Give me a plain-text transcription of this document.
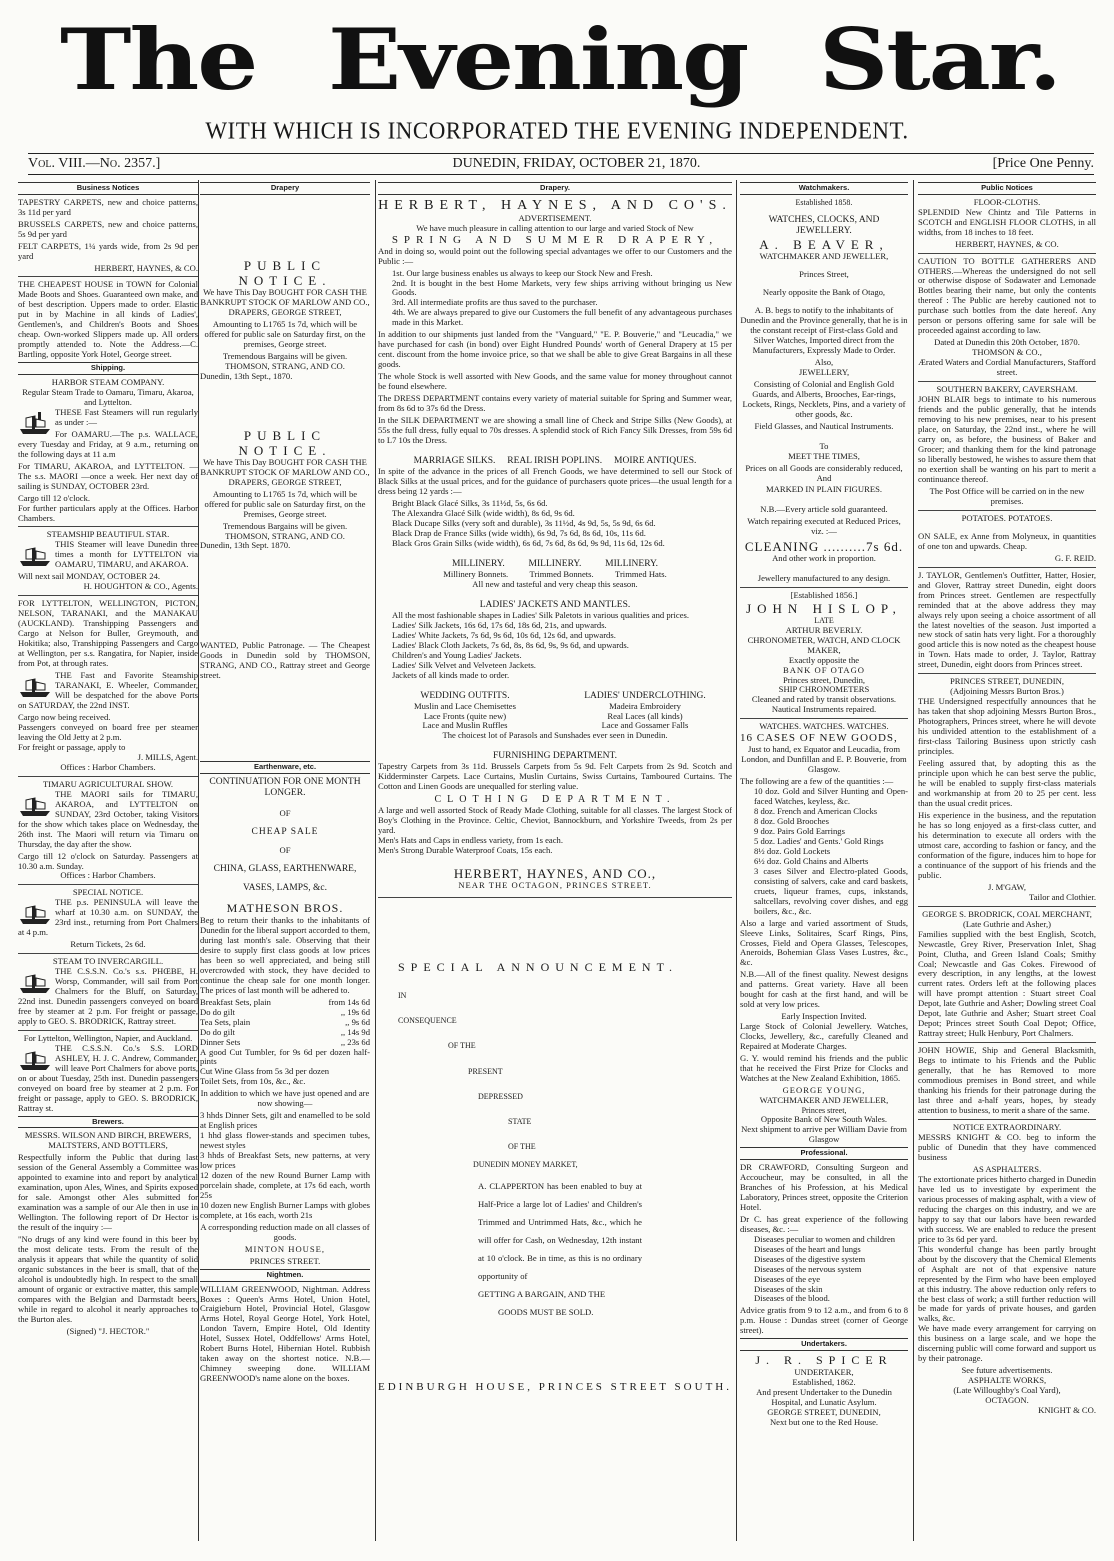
The Evening Star.
WITH WHICH IS INCORPORATED THE EVENING INDEPENDENT.
Vol. VIII.—No. 2357.]	DUNEDIN, FRIDAY, OCTOBER 21, 1870.	[Price One Penny.
Business Notices

TAPESTRY CARPETS, new and choice patterns, 3s 11d per yard

BRUSSELS CARPETS, new and choice patterns, 5s 9d per yard

FELT CARPETS, 1¼ yards wide, from 2s 9d per yard

HERBERT, HAYNES, & CO.

THE CHEAPEST HOUSE in TOWN for Colonial Made Boots and Shoes. Guaranteed own make, and of best description. Uppers made to order. Elastic put in by Machine in all kinds of Ladies', Gentlemen's, and Children's Boots and Shoes cheap. Own-worked Slippers made up. All orders promptly attended to. Note the Address.—C. Bartling, opposite York Hotel, George street.

Shipping.

HARBOR STEAM COMPANY.

Regular Steam Trade to Oamaru, Timaru, Akaroa, and Lyttelton.

THESE Fast Steamers will run regularly as under :—

For OAMARU.—The p.s. WALLACE, every Tuesday and Friday, at 9 a.m., returning on the following days at 11 a.m

For TIMARU, AKAROA, and LYTTELTON. —The s.s. MAORI —once a week. Her next day of sailing is SUNDAY, OCTOBER 23rd.

Cargo till 12 o'clock.

For further particulars apply at the Offices. Harbor Chambers.

STEAMSHIP BEAUTIFUL STAR.

THIS Steamer will leave Dunedin three times a month for LYTTELTON via OAMARU, TIMARU, and AKAROA.

Will next sail MONDAY, OCTOBER 24.

H. HOUGHTON & CO., Agents.

FOR LYTTELTON, WELLINGTON, PICTON, NELSON, TARANAKI, and the MANAKAU (AUCKLAND). Transhipping Passengers and Cargo at Nelson for Buller, Greymouth, and Hokitika; also, Transhipping Passengers and Cargo at Wellington, per s.s. Rangatira, for Napier, inside from Pot, at through rates.

THE Fast and Favorite Steamship TARANAKI, E. Wheeler, Commander, Will be despatched for the above Ports on SATURDAY, the 22nd INST.

Cargo now being received.

Passengers conveyed on board free per steamer leaving the Old Jetty at 2 p.m.

For freight or passage, apply to

J. MILLS, Agent.

Offices : Harbor Chambers.

TIMARU AGRICULTURAL SHOW.

THE MAORI sails for TIMARU, AKAROA, and LYTTELTON on SUNDAY, 23rd October, taking Visitors for the show which takes place on Wednesday, the 26th inst. The Maori will return via Timaru on Thursday, the day after the show.

Cargo till 12 o'clock on Saturday. Passengers at 10.30 a.m. Sunday.

Offices : Harbor Chambers.

SPECIAL NOTICE.

THE p.s. PENINSULA will leave the wharf at 10.30 a.m. on SUNDAY, the 23rd inst., returning from Port Chalmers at 4 p.m.

Return Tickets, 2s 6d.

STEAM TO INVERCARGILL.

THE C.S.S.N. Co.'s s.s. PHŒBE, H. Worsp, Commander, will sail from Port Chalmers for the Bluff, on Saturday, 22nd inst. Dunedin passengers conveyed on board free by steamer at 2 p.m. For freight or passage, apply to GEO. S. BRODRICK, Rattray street.

For Lyttelton, Wellington, Napier, and Auckland.

THE C.S.S.N. Co.'s S.S. LORD ASHLEY, H. J. C. Andrew, Commander, will leave Port Chalmers for above ports, on or about Tuesday, 25th inst. Dunedin passengers conveyed on board free by steamer at 2 p.m. For freight or passage, apply to GEO. S. BRODRICK, Rattray st.

Brewers.

MESSRS. WILSON AND BIRCH, BREWERS, MALTSTERS, AND BOTTLERS,

Respectfully inform the Public that during last session of the General Assembly a Committee was appointed to examine into and report by analytical examination, upon Ales, Wines, and Spirits exposed for sale. Amongst other Ales submitted for examination was a sample of our Ale then in use in Wellington. The following report of Dr Hector is the result of the inquiry :—

"No drugs of any kind were found in this beer by the most delicate tests. From the result of the analysis it appears that while the quantity of solid organic substances in the beer is small, that of the alcohol is undoubtedly high. In respect to the small amount of organic or extractive matter, this sample compares with the Belgian and Darmstadt beers, while in regard to alcohol it nearly approaches to the Burton ales.

(Signed) "J. HECTOR."

Drapery

PUBLIC NOTICE.

We have This Day BOUGHT FOR CASH THE BANKRUPT STOCK OF MARLOW AND CO., DRAPERS, GEORGE STREET,

Amounting to L1765 1s 7d, which will be offered for public sale on Saturday first, on the premises, George street.

Tremendous Bargains will be given.

THOMSON, STRANG, AND CO.

Dunedin, 13th Sept., 1870.

PUBLIC NOTICE.

We have This Day BOUGHT FOR CASH THE BANKRUPT STOCK OF MARLOW AND CO., DRAPERS, GEORGE STREET,

Amounting to L1765 1s 7d, which will be offered for public sale on Saturday first, on the Premises, George street.

Tremendous Bargains will be given.

THOMSON, STRANG, AND CO.

Dunedin, 13th Sept. 1870.

WANTED, Public Patronage. — The Cheapest Goods in Dunedin sold by THOMSON, STRANG, AND CO., Rattray street and George street.

Earthenware, etc.

CONTINUATION FOR ONE MONTH LONGER.

OF

CHEAP SALE

OF

CHINA, GLASS, EARTHENWARE,

VASES, LAMPS, &c.

MATHESON BROS.

Beg to return their thanks to the inhabitants of Dunedin for the liberal support accorded to them, during last month's sale. Observing that their desire to supply first class goods at low prices has been so well appreciated, and being still overcrowded with stock, they have decided to continue the cheap sale for one month longer. The prices of last month will be adhered to.

Breakfast Sets, plain	from 14s 6d
Do do gilt	,, 19s 6d
Tea Sets, plain	,, 9s 6d
Do do gilt	,, 14s 9d
Dinner Sets	,, 23s 6d

A good Cut Tumbler, for 9s 6d per dozen half-pints

Cut Wine Glass from 5s 3d per dozen

Toilet Sets, from 10s, &c., &c.

In addition to which we have just opened and are now showing—

3 hhds Dinner Sets, gilt and enamelled to be sold at English prices
1 hhd glass flower-stands and specimen tubes, newest styles
3 hhds of Breakfast Sets, new patterns, at very low prices
12 dozen of the new Round Burner Lamp with porcelain shade, complete, at 17s 6d each, worth 25s
10 dozen new English Burner Lamps with globes complete, at 16s each, worth 21s

A corresponding reduction made on all classes of goods.

MINTON HOUSE,

PRINCES STREET.

Nightmen.

WILLIAM GREENWOOD, Nightman. Address Boxes : Queen's Arms Hotel, Union Hotel, Craigieburn Hotel, Provincial Hotel, Glasgow Arms Hotel, Royal George Hotel, York Hotel, London Tavern, Empire Hotel, Old Identity Hotel, Sussex Hotel, Oddfellows' Arms Hotel, Robert Burns Hotel, Hibernian Hotel. Rubbish taken away on the shortest notice. N.B.—Chimney sweeping done. WILLIAM GREENWOOD's name alone on the boxes.

Drapery.

HERBERT, HAYNES, AND CO'S.

ADVERTISEMENT.

We have much pleasure in calling attention to our large and varied Stock of New

SPRING AND SUMMER DRAPERY,

And in doing so, would point out the following special advantages we offer to our Customers and the Public :—

1st. Our large business enables us always to keep our Stock New and Fresh.
2nd. It is bought in the best Home Markets, very few ships arriving without bringing us New Goods.
3rd. All intermediate profits are thus saved to the purchaser.
4th. We are always prepared to give our Customers the full benefit of any advantageous purchases made in this Market.

In addition to our shipments just landed from the "Vanguard," "E. P. Bouverie," and "Leucadia," we have purchased for cash (in bond) over Eight Hundred Pounds' worth of General Drapery at 15 per cent. discount from the home invoice price, so that we shall be able to give Great Bargains in all these goods.

The whole Stock is well assorted with New Goods, and the same value for money throughout cannot be found elsewhere.

The DRESS DEPARTMENT contains every variety of material suitable for Spring and Summer wear, from 8s 6d to 37s 6d the Dress.

In the SILK DEPARTMENT we are showing a small line of Check and Stripe Silks (New Goods), at 55s the full dress, fully equal to 70s dresses. A splendid stock of Rich Fancy Silk Dresses, from 59s 6d to L7 10s the Dress.

MARRIAGE SILKS.     REAL IRISH POPLINS.     MOIRE ANTIQUES.

In spite of the advance in the prices of all French Goods, we have determined to sell our Stock of Black Silks at the usual prices, and for the guidance of purchasers quote prices—the usual length for a dress being 12 yards :—

Bright Black Glacé Silks, 3s 11½d, 5s, 6s 6d.
The Alexandra Glacé Silk (wide width), 8s 6d, 9s 6d.
Black Ducape Silks (very soft and durable), 3s 11½d, 4s 9d, 5s, 5s 9d, 6s 6d.
Black Drap de France Silks (wide width), 6s 9d, 7s 6d, 8s 6d, 10s, 11s 6d.
Black Gros Grain Silks (wide width), 6s 6d, 7s 6d, 8s 6d, 9s 9d, 11s 6d, 12s 6d.

MILLINERY.          MILLINERY.          MILLINERY.

Millinery Bonnets.          Trimmed Bonnets.          Trimmed Hats.

All new and tasteful and very cheap this season.

LADIES' JACKETS AND MANTLES.

All the most fashionable shapes in Ladies' Silk Paletots in various qualities and prices.
Ladies' Silk Jackets, 16s 6d, 17s 6d, 18s 6d, 21s, and upwards.
Ladies' White Jackets, 7s 6d, 9s 6d, 10s 6d, 12s 6d, and upwards.
Ladies' Black Cloth Jackets, 7s 6d, 8s, 8s 6d, 9s, 9s 6d, and upwards.
Children's and Young Ladies' Jackets.
Ladies' Silk Velvet and Velveteen Jackets.
Jackets of all kinds made to order.

WEDDING OUTFITS.

Muslin and Lace Chemisettes
Lace Fronts (quite new)
Lace and Muslin Ruffles

LADIES' UNDERCLOTHING.

Madeira Embroidery
Real Laces (all kinds)
Lace and Gossamer Falls

The choicest lot of Parasols and Sunshades ever seen in Dunedin.

FURNISHING DEPARTMENT.

Tapestry Carpets from 3s 11d. Brussels Carpets from 5s 9d. Felt Carpets from 2s 9d. Scotch and Kidderminster Carpets. Lace Curtains, Muslin Curtains, Swiss Curtains, Tamboured Curtains. The Cotton and Linen Goods are unequalled for sterling value.

CLOTHING DEPARTMENT.

A large and well assorted Stock of Ready Made Clothing, suitable for all classes. The largest Stock of Boy's Clothing in the Province. Celtic, Cheviot, Bannockburn, and Yorkshire Tweeds, from 2s per yard.
Men's Hats and Caps in endless variety, from 1s each.
Men's Strong Durable Waterproof Coats, 15s each.

HERBERT, HAYNES, AND CO.,

NEAR THE OCTAGON, PRINCES STREET.

SPECIAL ANNOUNCEMENT.

IN

CONSEQUENCE

OF THE

PRESENT

DEPRESSED

STATE

OF THE

DUNEDIN MONEY MARKET,

A. CLAPPERTON has been enabled to buy at Half-Price a large lot of Ladies' and Children's Trimmed and Untrimmed Hats, &c., which he will offer for Cash, on Wednesday, 12th instant at 10 o'clock. Be in time, as this is no ordinary opportunity of

GETTING A BARGAIN, AND THE

GOODS MUST BE SOLD.

EDINBURGH HOUSE, PRINCES STREET SOUTH.

Watchmakers.

Established 1858.

WATCHES, CLOCKS, AND JEWELLERY.

A. BEAVER,

WATCHMAKER AND JEWELLER,

Princes Street,

Nearly opposite the Bank of Otago,

A. B. begs to notify to the inhabitants of Dunedin and the Province generally, that he is in the constant receipt of First-class Gold and Silver Watches, Imported direct from the Manufacturers, Expressly Made to Order.

Also,

JEWELLERY,

Consisting of Colonial and English Gold Guards, and Alberts, Brooches, Ear-rings, Lockets, Rings, Necklets, Pins, and a variety of other goods, &c.

Field Glasses, and Nautical Instruments.

To

MEET THE TIMES,

Prices on all Goods are considerably reduced, And

MARKED IN PLAIN FIGURES.

N.B.—Every article sold guaranteed.

Watch repairing executed at Reduced Prices, viz. :—

CLEANING ..........7s 6d.

And other work in proportion.

Jewellery manufactured to any design.

[Established 1856.]

JOHN HISLOP,

LATE

ARTHUR BEVERLY.

CHRONOMETER, WATCH, AND CLOCK MAKER,

Exactly opposite the

BANK OF OTAGO

Princes street, Dunedin,

SHIP CHRONOMETERS

Cleaned and rated by transit observations. Nautical Instruments repaired.

WATCHES. WATCHES. WATCHES.

16 CASES OF NEW GOODS,

Just to hand, ex Equator and Leucadia, from London, and Dunfillan and E. P. Bouverie, from Glasgow.

The following are a few of the quantities :—

10 doz. Gold and Silver Hunting and Open-faced Watches, keyless, &c.
8 doz. French and American Clocks
8 doz. Gold Brooches
9 doz. Pairs Gold Earrings
5 doz. Ladies' and Gents.' Gold Rings
8½ doz. Gold Lockets
6½ doz. Gold Chains and Alberts
3 cases Silver and Electro-plated Goods, consisting of salvers, cake and card baskets, cruets, liqueur frames, cups, inkstands, saltcellars, revolving cover dishes, and egg boilers, &c., &c.

Also a large and varied assortment of Studs, Sleeve Links, Solitaires, Scarf Rings, Pins, Crosses, Field and Opera Glasses, Telescopes, Aneroids, Bohemian Glass Vases Lustres, &c., &c.

N.B.—All of the finest quality. Newest designs and patterns. Great variety. Have all been bought for cash at the first hand, and will be sold at very low prices.

Early Inspection Invited.

Large Stock of Colonial Jewellery. Watches, Clocks, Jewellery, &c., carefully Cleaned and Repaired at Moderate Charges.

G. Y. would remind his friends and the public that he received the First Prize for Clocks and Watches at the New Zealand Exhibition, 1865.

GEORGE YOUNG,

WATCHMAKER AND JEWELLER,

Princes street,

Opposite Bank of New South Wales.

Next shipment to arrive per William Davie from Glasgow

Professional.

DR CRAWFORD, Consulting Surgeon and Accoucheur, may be consulted, in all the Branches of his Profession, at his Medical Laboratory, Princes street, opposite the Criterion Hotel.

Dr C. has great experience of the following diseases, &c. :—

Diseases peculiar to women and children
Diseases of the heart and lungs
Diseases of the digestive system
Diseases of the nervous system
Diseases of the eye
Diseases of the skin
Diseases of the blood.

Advice gratis from 9 to 12 a.m., and from 6 to 8 p.m. House : Dundas street (corner of George street).

Undertakers.

J. R. SPICER

UNDERTAKER,

Established, 1862.

And present Undertaker to the Dunedin Hospital, and Lunatic Asylum.

GEORGE STREET, DUNEDIN,

Next but one to the Red House.

Public Notices

FLOOR-CLOTHS.

SPLENDID New Chintz and Tile Patterns in SCOTCH and ENGLISH FLOOR CLOTHS, in all widths, from 18 inches to 18 feet.

HERBERT, HAYNES, & CO.

CAUTION TO BOTTLE GATHERERS AND OTHERS.—Whereas the undersigned do not sell or otherwise dispose of Sodawater and Lemonade Bottles bearing their name, but only the contents thereof : The Public are hereby cautioned not to purchase such bottles from the date hereof. Any person or persons offering same for sale will be proceeded against according to law.

Dated at Dunedin this 20th October, 1870.

THOMSON & CO.,

Ærated Waters and Cordial Manufacturers, Stafford street.

SOUTHERN BAKERY, CAVERSHAM.

JOHN BLAIR begs to intimate to his numerous friends and the public generally, that he intends removing to his new premises, near to his present place, on Saturday, the 22nd inst., where he will carry on, as before, the business of Baker and Grocer; and thanking them for the kind patronage so liberally bestowed, he wishes to assure them that no exertion shall be wanting on his part to merit a continuance thereof.

The Post Office will be carried on in the new premises.

POTATOES. POTATOES.

ON SALE, ex Anne from Molyneux, in quantities of one ton and upwards. Cheap.

G. F. REID.

J. TAYLOR, Gentlemen's Outfitter, Hatter, Hosier, and Glover, Rattray street Dunedin, eight doors from Princes street. Gentlemen are respectfully reminded that at the above address they may always rely upon seeing a choice assortment of all the latest novelties of the season. Just imported a new stock of satin hats very light. For a thoroughly good article this is now noted as the cheapest house in Town. Hats made to order, J. Taylor, Rattray street, Dunedin, eight doors from Princes street.

PRINCES STREET, DUNEDIN,

(Adjoining Messrs Burton Bros.)

THE Undersigned respectfully announces that he has taken that shop adjoining Messrs Burton Bros., Photographers, Princes street, where he will devote his undivided attention to the establishment of a first-class Tailoring Business upon strictly cash principles.

Feeling assured that, by adopting this as the principle upon which he can best serve the public, he will be enabled to supply first-class materials and workmanship at from 20 to 25 per cent. less than the usual credit prices.

His experience in the business, and the reputation he has so long enjoyed as a first-class cutter, and his determination to execute all orders with the utmost care, according to fashion or fancy, and the conformation of the figure, induces him to hope for a continuance of the support of his friends and the public.

J. M'GAW,

Tailor and Clothier.

GEORGE S. BRODRICK, COAL MERCHANT,

(Late Guthrie and Asher,)

Families supplied with the best English, Scotch, Newcastle, Grey River, Preservation Inlet, Shag Point, Clutha, and Green Island Coals; Smithy Coal; Newcastle and Gas Cokes. Firewood of every description, in any lengths, at the lowest current rates. Orders left at the following places will have prompt attention : Stuart street Coal Depot, late Guthrie and Asher; Dowling street Coal Depot, late Guthrie and Asher; Stuart street Coal Depot; Princes street South Coal Depot; Office, Rattray street; Hulk Henbury, Port Chalmers.

JOHN HOWIE, Ship and General Blacksmith, Begs to intimate to his Friends and the Public generally, that he has Removed to more commodious premises in Bond street, and while thanking his friends for their patronage during the last three and a-half years, hopes, by steady attention to business, to merit a share of the same.

NOTICE EXTRAORDINARY.

MESSRS KNIGHT & CO. beg to inform the public of Dunedin that they have commenced business

AS ASPHALTERS.

The extortionate prices hitherto charged in Dunedin have led us to investigate by experiment the various processes of making asphalt, with a view of reducing the charges on this industry, and we are happy to say that our labors have been rewarded with success. We are enabled to reduce the present price to 3s 6d per yard.
This wonderful change has been partly brought about by the discovery that the Chemical Elements of Asphalt are not of that expensive nature represented by the Firm who have been employed at this industry. The above reduction only refers to the best class of work; a still further reduction will be made for yards of private houses, and garden walks, &c.
We have made every arrangement for carrying on this business on a large scale, and we hope the discerning public will come forward and support us by their patronage.

See future advertisements.

ASPHALTE WORKS,

(Late Willoughby's Coal Yard),

OCTAGON.

KNIGHT & CO.
